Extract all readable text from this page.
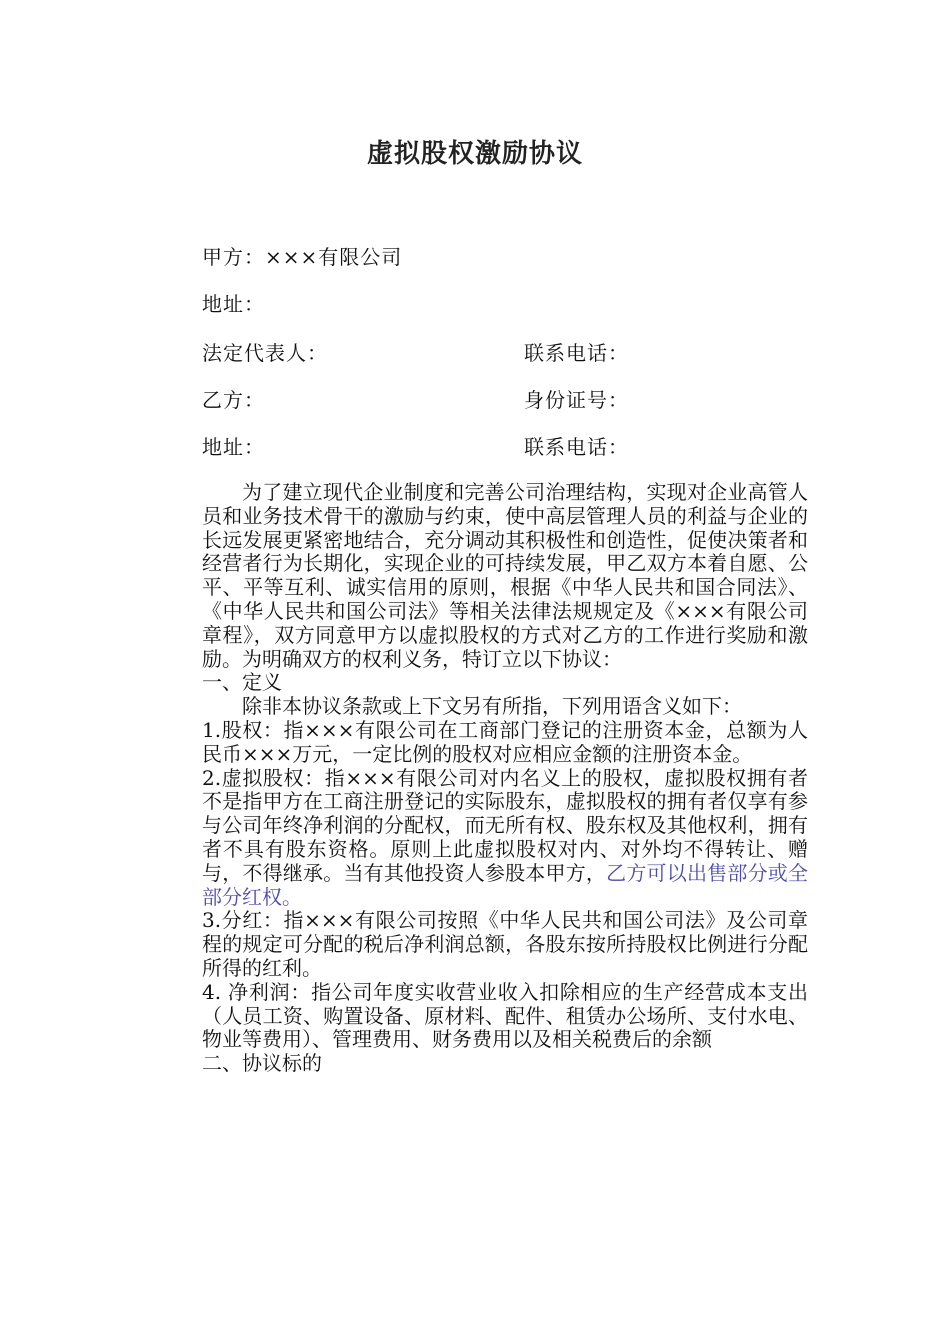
虚拟股权激励协议
甲方：×××有限公司
地址：
法定代表人：	联系电话：
乙方：	身份证号：
地址：	联系电话：

为了建立现代企业制度和完善公司治理结构，实现对企业高管人员和业务技术骨干的激励与约束，使中高层管理人员的利益与企业的长远发展更紧密地结合，充分调动其积极性和创造性，促使决策者和经营者行为长期化，实现企业的可持续发展，甲乙双方本着自愿、公平、平等互利、诚实信用的原则，根据《中华人民共和国合同法》、《中华人民共和国公司法》等相关法律法规规定及《×××有限公司章程》，双方同意甲方以虚拟股权的方式对乙方的工作进行奖励和激励。为明确双方的权利义务，特订立以下协议：

一、定义

除非本协议条款或上下文另有所指，下列用语含义如下：

1.股权：指×××有限公司在工商部门登记的注册资本金，总额为人民币×××万元，一定比例的股权对应相应金额的注册资本金。

2.虚拟股权：指×××有限公司对内名义上的股权，虚拟股权拥有者不是指甲方在工商注册登记的实际股东，虚拟股权的拥有者仅享有参与公司年终净利润的分配权，而无所有权、股东权及其他权利，拥有者不具有股东资格。原则上此虚拟股权对内、对外均不得转让、赠与，不得继承。当有其他投资人参股本甲方，乙方可以出售部分或全部分红权。

3.分红：指×××有限公司按照《中华人民共和国公司法》及公司章程的规定可分配的税后净利润总额，各股东按所持股权比例进行分配所得的红利。

4. 净利润：指公司年度实收营业收入扣除相应的生产经营成本支出（人员工资、购置设备、原材料、配件、租赁办公场所、支付水电、物业等费用）、管理费用、财务费用以及相关税费后的余额

二、协议标的
